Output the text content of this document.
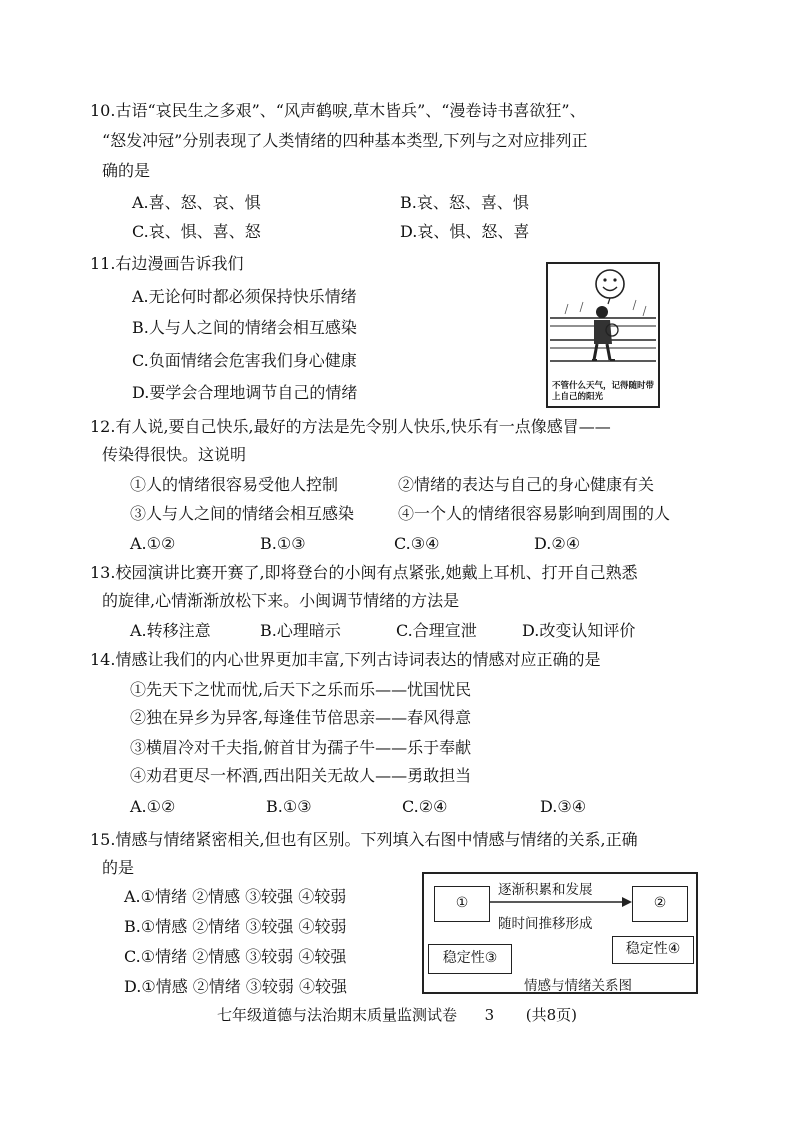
10.古语“哀民生之多艰”、“风声鹤唳,草木皆兵”、“漫卷诗书喜欲狂”、
“怒发冲冠”分别表现了人类情绪的四种基本类型,下列与之对应排列正
确的是
A.喜、怒、哀、惧	B.哀、怒、喜、惧
C.哀、惧、喜、怒	D.哀、惧、怒、喜
11.右边漫画告诉我们
A.无论何时都必须保持快乐情绪
B.人与人之间的情绪会相互感染
C.负面情绪会危害我们身心健康
D.要学会合理地调节自己的情绪	不管什么天气，记得随时带上自己的阳光
12.有人说,要自己快乐,最好的方法是先令别人快乐,快乐有一点像感冒——
传染得很快。这说明
①人的情绪很容易受他人控制	②情绪的表达与自己的身心健康有关
③人与人之间的情绪会相互感染	④一个人的情绪很容易影响到周围的人
A.①②	B.①③	C.③④	D.②④
13.校园演讲比赛开赛了,即将登台的小闽有点紧张,她戴上耳机、打开自己熟悉
的旋律,心情渐渐放松下来。小闽调节情绪的方法是
A.转移注意	B.心理暗示	C.合理宣泄	D.改变认知评价
14.情感让我们的内心世界更加丰富,下列古诗词表达的情感对应正确的是
①先天下之忧而忧,后天下之乐而乐——忧国忧民
②独在异乡为异客,每逢佳节倍思亲——春风得意
③横眉冷对千夫指,俯首甘为孺子牛——乐于奉献
④劝君更尽一杯酒,西出阳关无故人——勇敢担当
A.①②	B.①③	C.②④	D.③④
15.情感与情绪紧密相关,但也有区别。下列填入右图中情感与情绪的关系,正确
的是
A.①情绪 ②情感 ③较强 ④较弱
B.①情感 ②情绪 ③较强 ④较弱
C.①情绪 ②情感 ③较弱 ④较强
D.①情感 ②情绪 ③较弱 ④较强
①	②
逐渐积累和发展
随时间推移形成
稳定性③
稳定性④
情感与情绪关系图
七年级道德与法治期末质量监测试卷 3 (共8页)
